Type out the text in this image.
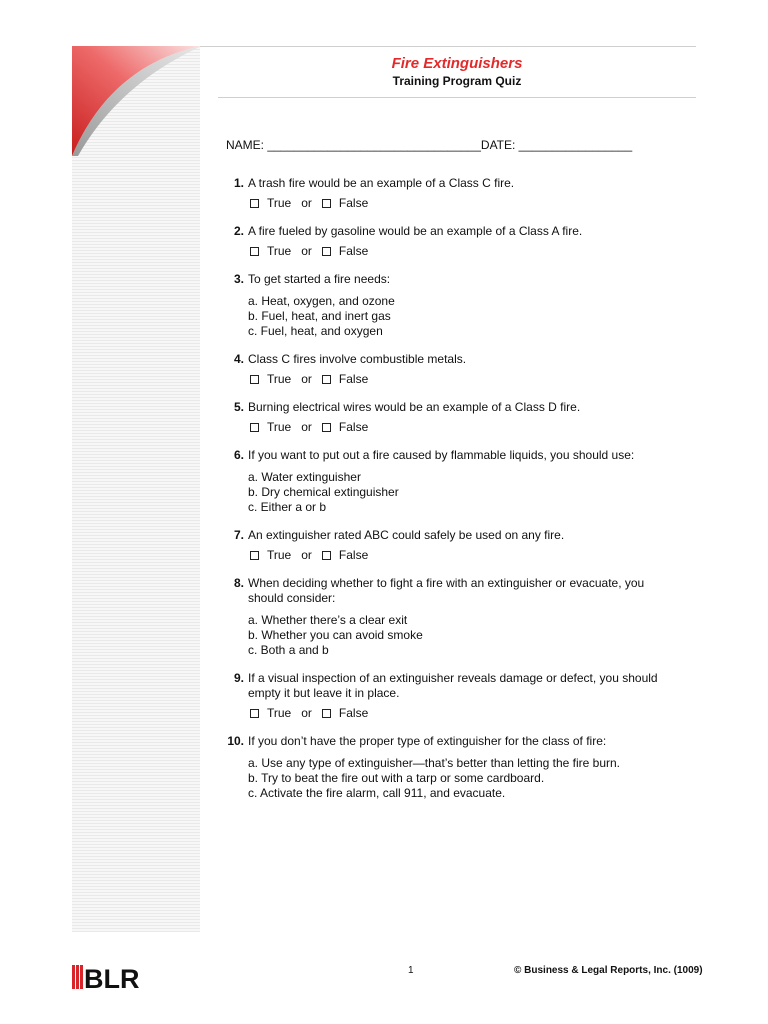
Fire Extinguishers
Training Program Quiz
NAME: ________________________________DATE: _________________
1. A trash fire would be an example of a Class C fire.
True or False
2. A fire fueled by gasoline would be an example of a Class A fire.
True or False
3. To get started a fire needs:
a. Heat, oxygen, and ozone
b. Fuel, heat, and inert gas
c. Fuel, heat, and oxygen
4. Class C fires involve combustible metals.
True or False
5. Burning electrical wires would be an example of a Class D fire.
True or False
6. If you want to put out a fire caused by flammable liquids, you should use:
a. Water extinguisher
b. Dry chemical extinguisher
c. Either a or b
7. An extinguisher rated ABC could safely be used on any fire.
True or False
8. When deciding whether to fight a fire with an extinguisher or evacuate, you should consider:
a. Whether there’s a clear exit
b. Whether you can avoid smoke
c. Both a and b
9. If a visual inspection of an extinguisher reveals damage or defect, you should empty it but leave it in place.
True or False
10. If you don’t have the proper type of extinguisher for the class of fire:
a. Use any type of extinguisher—that’s better than letting the fire burn.
b. Try to beat the fire out with a tarp or some cardboard.
c. Activate the fire alarm, call 911, and evacuate.
BLR	1	© Business & Legal Reports, Inc. (1009)
